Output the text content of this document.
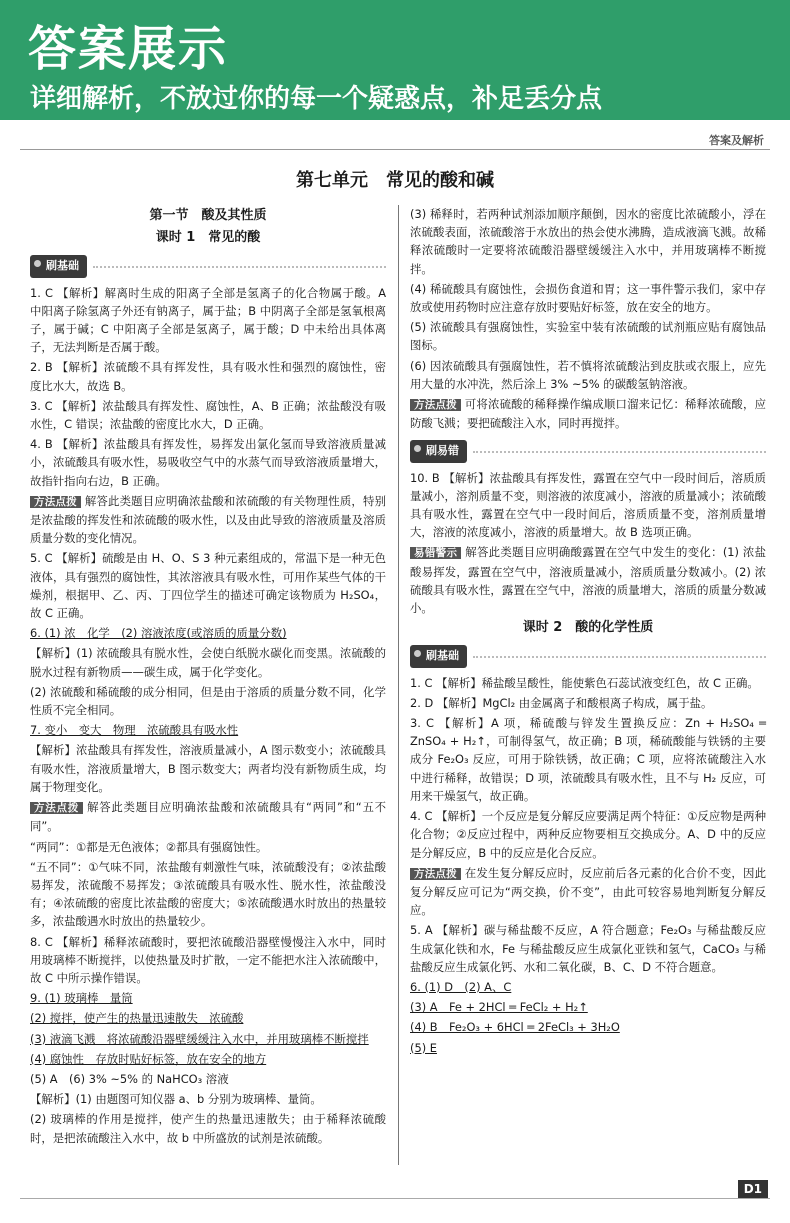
答案展示
详细解析，不放过你的每一个疑惑点，补足丢分点
答案及解析
第七单元　常见的酸和碱
第一节　酸及其性质
课时 1　常见的酸
刷基础
1. C 【解析】解离时生成的阳离子全部是氢离子的化合物属于酸。A 中阳离子除氢离子外还有钠离子，属于盐；B 中阴离子全部是氢氧根离子，属于碱；C 中阳离子全部是氢离子，属于酸；D 中未给出具体离子，无法判断是否属于酸。
2. B 【解析】浓硫酸不具有挥发性，具有吸水性和强烈的腐蚀性，密度比水大，故选 B。
3. C 【解析】浓盐酸具有挥发性、腐蚀性，A、B 正确；浓盐酸没有吸水性，C 错误；浓盐酸的密度比水大，D 正确。
4. B 【解析】浓盐酸具有挥发性，易挥发出氯化氢而导致溶液质量减小，浓硫酸具有吸水性，易吸收空气中的水蒸气而导致溶液质量增大，故指针指向右边，B 正确。
方法点拨 解答此类题目应明确浓盐酸和浓硫酸的有关物理性质，特别是浓盐酸的挥发性和浓硫酸的吸水性，以及由此导致的溶液质量及溶质质量分数的变化情况。
5. C 【解析】硫酸是由 H、O、S 3 种元素组成的，常温下是一种无色液体，具有强烈的腐蚀性，其浓溶液具有吸水性，可用作某些气体的干燥剂，根据甲、乙、丙、丁四位学生的描述可确定该物质为 H₂SO₄，故 C 正确。
6. (1) 浓　化学　(2) 溶液浓度(或溶质的质量分数)
【解析】(1) 浓硫酸具有脱水性，会使白纸脱水碳化而变黑。浓硫酸的脱水过程有新物质——碳生成，属于化学变化。
(2) 浓硫酸和稀硫酸的成分相同，但是由于溶质的质量分数不同，化学性质不完全相同。
7. 变小　变大　物理　浓硫酸具有吸水性
【解析】浓盐酸具有挥发性，溶液质量减小，A 图示数变小；浓硫酸具有吸水性，溶液质量增大，B 图示数变大；两者均没有新物质生成，均属于物理变化。
方法点拨 解答此类题目应明确浓盐酸和浓硫酸具有“两同”和“五不同”。
“两同”：①都是无色液体；②都具有强腐蚀性。
“五不同”：①气味不同，浓盐酸有刺激性气味，浓硫酸没有；②浓盐酸易挥发，浓硫酸不易挥发；③浓硫酸具有吸水性、脱水性，浓盐酸没有；④浓硫酸的密度比浓盐酸的密度大；⑤浓硫酸遇水时放出的热量较多，浓盐酸遇水时放出的热量较少。
8. C 【解析】稀释浓硫酸时，要把浓硫酸沿器壁慢慢注入水中，同时用玻璃棒不断搅拌，以使热量及时扩散，一定不能把水注入浓硫酸中，故 C 中所示操作错误。
9. (1) 玻璃棒　量筒
(2) 搅拌，使产生的热量迅速散失　浓硫酸
(3) 液滴飞溅　将浓硫酸沿器壁缓缓注入水中，并用玻璃棒不断搅拌
(4) 腐蚀性　存放时贴好标签，放在安全的地方
(5) A　(6) 3% ~5% 的 NaHCO₃ 溶液
【解析】(1) 由题图可知仪器 a、b 分别为玻璃棒、量筒。
(2) 玻璃棒的作用是搅拌，使产生的热量迅速散失；由于稀释浓硫酸时，是把浓硫酸注入水中，故 b 中所盛放的试剂是浓硫酸。
(3) 稀释时，若两种试剂添加顺序颠倒，因水的密度比浓硫酸小，浮在浓硫酸表面，浓硫酸溶于水放出的热会使水沸腾，造成液滴飞溅。故稀释浓硫酸时一定要将浓硫酸沿器壁缓缓注入水中，并用玻璃棒不断搅拌。
(4) 稀硫酸具有腐蚀性，会损伤食道和胃；这一事件警示我们，家中存放或使用药物时应注意存放时要贴好标签，放在安全的地方。
(5) 浓硫酸具有强腐蚀性，实验室中装有浓硫酸的试剂瓶应贴有腐蚀品图标。
(6) 因浓硫酸具有强腐蚀性，若不慎将浓硫酸沾到皮肤或衣服上，应先用大量的水冲洗，然后涂上 3% ~5% 的碳酸氢钠溶液。
方法点拨 可将浓硫酸的稀释操作编成顺口溜来记忆：稀释浓硫酸，应防酸飞溅；要把硫酸注入水，同时再搅拌。
刷易错
10. B 【解析】浓盐酸具有挥发性，露置在空气中一段时间后，溶质质量减小，溶剂质量不变，则溶液的浓度减小，溶液的质量减小；浓硫酸具有吸水性，露置在空气中一段时间后，溶质质量不变，溶剂质量增大，溶液的浓度减小，溶液的质量增大。故 B 选项正确。
易错警示 解答此类题目应明确酸露置在空气中发生的变化：(1) 浓盐酸易挥发，露置在空气中，溶液质量减小，溶质质量分数减小。(2) 浓硫酸具有吸水性，露置在空气中，溶液的质量增大，溶质的质量分数减小。
课时 2　酸的化学性质
刷基础
1. C 【解析】稀盐酸呈酸性，能使紫色石蕊试液变红色，故 C 正确。
2. D 【解析】MgCl₂ 由金属离子和酸根离子构成，属于盐。
3. C 【解析】A 项，稀硫酸与锌发生置换反应：Zn + H₂SO₄ ═ ZnSO₄ + H₂↑，可制得氢气，故正确；B 项，稀硫酸能与铁锈的主要成分 Fe₂O₃ 反应，可用于除铁锈，故正确；C 项，应将浓硫酸注入水中进行稀释，故错误；D 项，浓硫酸具有吸水性，且不与 H₂ 反应，可用来干燥氢气，故正确。
4. C 【解析】一个反应是复分解反应要满足两个特征：①反应物是两种化合物；②反应过程中，两种反应物要相互交换成分。A、D 中的反应是分解反应，B 中的反应是化合反应。
方法点拨 在发生复分解反应时，反应前后各元素的化合价不变，因此复分解反应可记为“两交换，价不变”，由此可较容易地判断复分解反应。
5. A 【解析】碳与稀盐酸不反应，A 符合题意；Fe₂O₃ 与稀盐酸反应生成氯化铁和水，Fe 与稀盐酸反应生成氯化亚铁和氢气，CaCO₃ 与稀盐酸反应生成氯化钙、水和二氧化碳，B、C、D 不符合题意。
6. (1) D　(2) A、C
(3) A　Fe + 2HCl ═ FeCl₂ + H₂↑
(4) B　Fe₂O₃ + 6HCl ═ 2FeCl₃ + 3H₂O
(5) E
D1
